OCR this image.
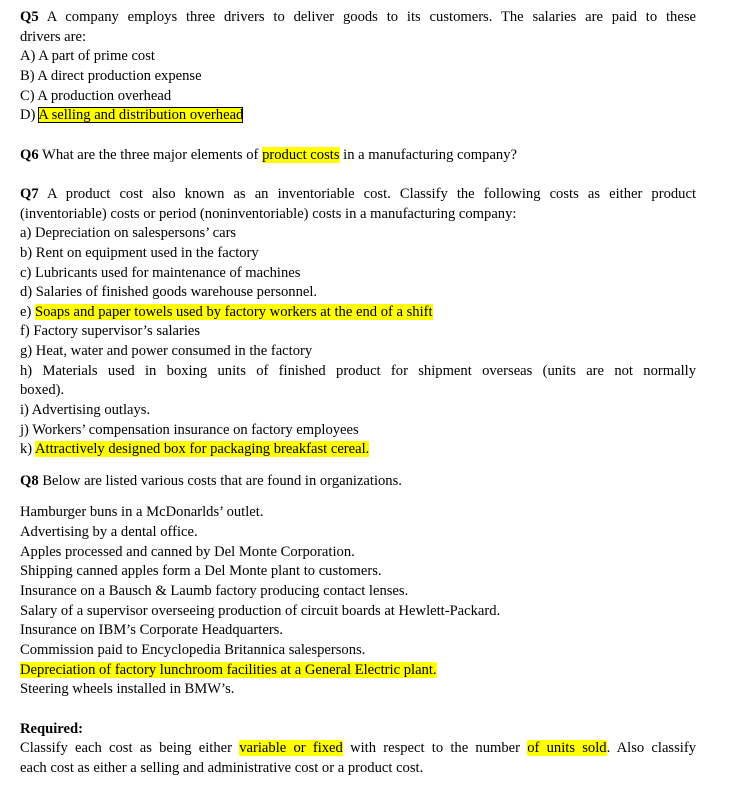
Q5 A company employs three drivers to deliver goods to its customers. The salaries are paid to these
drivers are:
A) A part of prime cost
B) A direct production expense
C) A production overhead
D) A selling and distribution overhead
Q6 What are the three major elements of product costs in a manufacturing company?
Q7 A product cost also known as an inventoriable cost. Classify the following costs as either product
(inventoriable) costs or period (noninventoriable) costs in a manufacturing company:
a) Depreciation on salespersons’ cars
b) Rent on equipment used in the factory
c) Lubricants used for maintenance of machines
d) Salaries of finished goods warehouse personnel.
e) Soaps and paper towels used by factory workers at the end of a shift
f) Factory supervisor’s salaries
g) Heat, water and power consumed in the factory
h) Materials used in boxing units of finished product for shipment overseas (units are not normally
boxed).
i) Advertising outlays.
j) Workers’ compensation insurance on factory employees
k) Attractively designed box for packaging breakfast cereal.
Q8 Below are listed various costs that are found in organizations.
Hamburger buns in a McDonarlds’ outlet.
Advertising by a dental office.
Apples processed and canned by Del Monte Corporation.
Shipping canned apples form a Del Monte plant to customers.
Insurance on a Bausch & Laumb factory producing contact lenses.
Salary of a supervisor overseeing production of circuit boards at Hewlett-Packard.
Insurance on IBM’s Corporate Headquarters.
Commission paid to Encyclopedia Britannica salespersons.
Depreciation of factory lunchroom facilities at a General Electric plant.
Steering wheels installed in BMW’s.
Required:
Classify each cost as being either variable or fixed with respect to the number of units sold. Also classify
each cost as either a selling and administrative cost or a product cost.
